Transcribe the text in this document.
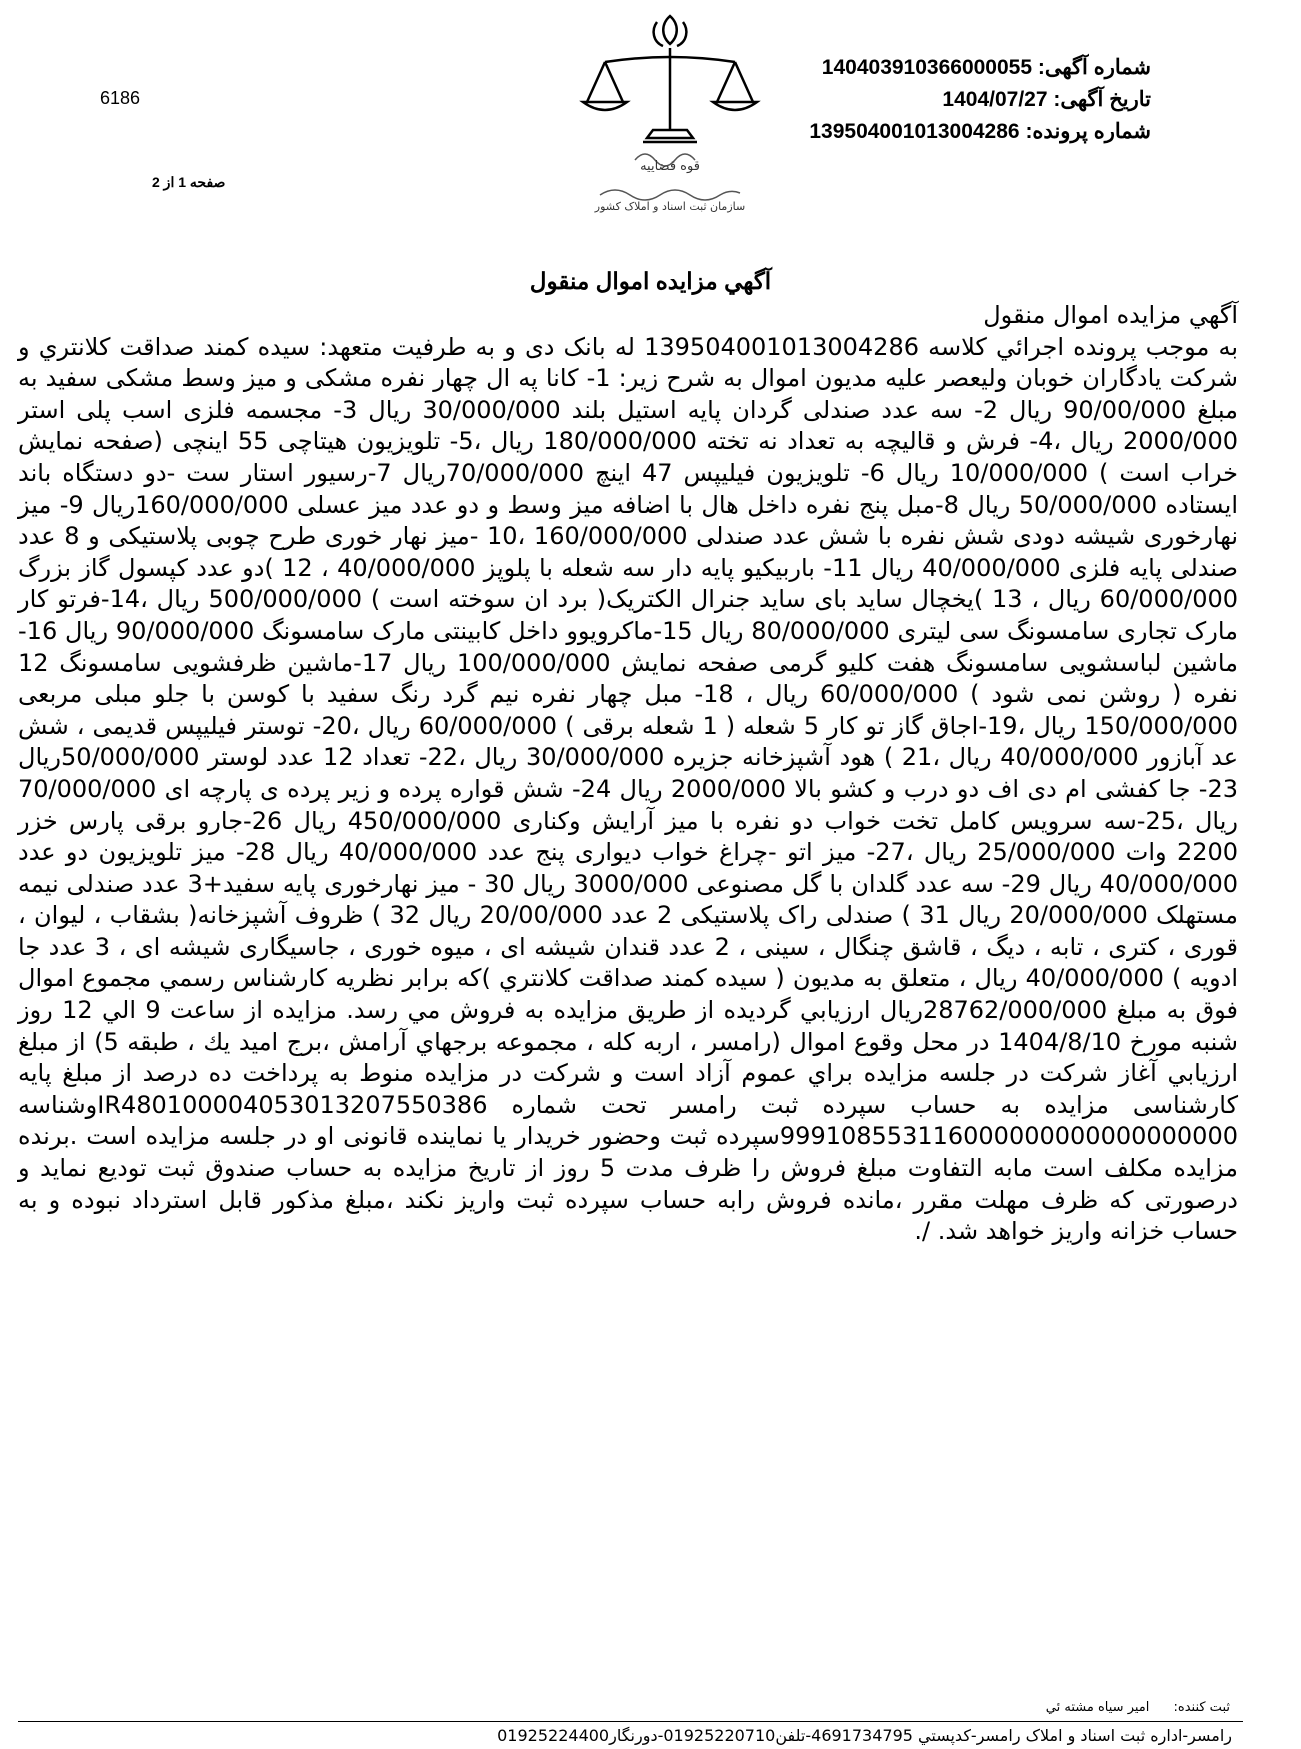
شماره آگهی: 140403910366000055
تاریخ آگهی: 1404/07/27
شماره پرونده: 139504001013004286
6186
صفحه 1 از 2
قوه قضاییه
سازمان ثبت اسناد و املاک کشور
آگهي مزايده اموال منقول

آگهي مزايده اموال منقول

به موجب پرونده اجرائي كلاسه 139504001013004286 له بانک دی و به طرفیت متعهد: سیده کمند صداقت كلانتري و شرکت يادگاران خوبان ولیعصر عليه مدیون اموال به شرح زير: 1- کانا په ال چهار نفره مشکی و میز وسط مشکی سفید به مبلغ 90/00/000 ریال 2- سه عدد صندلی گردان پایه استیل بلند 30/000/000 ریال 3- مجسمه فلزی اسب پلی استر 2000/000 ریال ،4- فرش و قالیچه به تعداد نه تخته 180/000/000 ریال ،5- تلویزیون هیتاچی 55 اینچی (صفحه نمایش خراب است ) 10/000/000 ریال 6- تلویزیون فیلیپس 47 اینچ 70/000/000ریال 7-رسیور استار ست -دو دستگاه باند ایستاده 50/000/000 ریال 8-مبل پنج نفره داخل هال با اضافه میز وسط و دو عدد میز عسلی 160/000/000ریال 9- میز نهارخوری شیشه دودی شش نفره با شش عدد صندلی 160/000/000 ،10 -میز نهار خوری طرح چوبی پلاستیکی و 8 عدد صندلی پایه فلزی 40/000/000 ریال 11- باربیکیو پایه دار سه شعله با پلوپز 40/000/000 ، 12 )دو عدد کپسول گاز بزرگ 60/000/000 ریال ، 13 )یخچال ساید بای ساید جنرال الکتریک( برد ان سوخته است ) 500/000/000 ریال ،14-فرتو کار مارک تجاری سامسونگ سی لیتری 80/000/000 ریال 15-ماکرویوو داخل کابینتی مارک سامسونگ 90/000/000 ریال 16- ماشین لباسشویی سامسونگ هفت کلیو گرمی صفحه نمایش 100/000/000 ریال 17-ماشین ظرفشویی سامسونگ 12 نفره ( روشن نمی شود ) 60/000/000 ریال ، 18- مبل چهار نفره نیم گرد رنگ سفید با کوسن با جلو مبلی مربعی 150/000/000 ریال ،19-اجاق گاز تو کار 5 شعله ( 1 شعله برقی ) 60/000/000 ریال ،20- توستر فیلیپس قدیمی ، شش عد آبازور 40/000/000 ریال ،21 ) هود آشپزخانه جزیره 30/000/000 ریال ،22- تعداد 12 عدد لوستر 50/000/000ریال 23- جا کفشی ام دی اف دو درب و کشو بالا 2000/000 ریال 24- شش قواره پرده و زیر پرده ی پارچه ای 70/000/000 ریال ،25-سه سرویس کامل تخت خواب دو نفره با میز آرایش وکناری 450/000/000 ریال 26-جارو برقی پارس خزر 2200 وات 25/000/000 ریال ،27- میز اتو -چراغ خواب دیواری پنج عدد 40/000/000 ریال 28- میز تلویزیون دو عدد 40/000/000 ریال 29- سه عدد گلدان با گل مصنوعی 3000/000 ریال 30 - میز نهارخوری پایه سفید+3 عدد صندلی نیمه مستهلک 20/000/000 ریال 31 ) صندلی راک پلاستیکی 2 عدد 20/00/000 ریال 32 ) ظروف آشپزخانه( بشقاب ، لیوان ، قوری ، کتری ، تابه ، دیگ ، قاشق چنگال ، سینی ، 2 عدد قندان شیشه ای ، میوه خوری ، جاسیگاری شیشه ای ، 3 عدد جا ادویه ) 40/000/000 ریال ، متعلق به مدیون ( سیده کمند صداقت كلانتري )كه برابر نظريه كارشناس رسمي مجموع اموال فوق به مبلغ 28762/000/000ريال ارزيابي گرديده از طريق مزايده به فروش مي رسد. مزايده از ساعت 9 الي 12 روز شنبه مورخ 1404/8/10 در محل وقوع اموال (رامسر ، اربه کله ، مجموعه برجهاي آرامش ،برج اميد يك ، طبقه 5) از مبلغ ارزيابي آغاز شرکت در جلسه مزايده براي عموم آزاد است و شرکت در مزایده منوط به پرداخت ده درصد از مبلغ پایه کارشناسی مزایده به حساب سپرده ثبت رامسر تحت شماره IR480100004053013207550386وشناسه 999108553116000000000000000000سپرده ثبت وحضور خریدار یا نماینده قانونی او در جلسه مزایده است .برنده مزایده مکلف است مابه التفاوت مبلغ فروش را ظرف مدت 5 روز از تاریخ مزایده به حساب صندوق ثبت تودیع نماید و درصورتی که ظرف مهلت مقرر ،مانده فروش رابه حساب سپرده ثبت واریز نکند ،مبلغ مذکور قابل استرداد نبوده و به حساب خزانه واریز خواهد شد. /.

ثبت كننده: امير سياه مشته ئي
رامسر-اداره ثبت اسناد و املاک رامسر-کدپستي 4691734795-تلفن01925220710-دورنگار01925224400
